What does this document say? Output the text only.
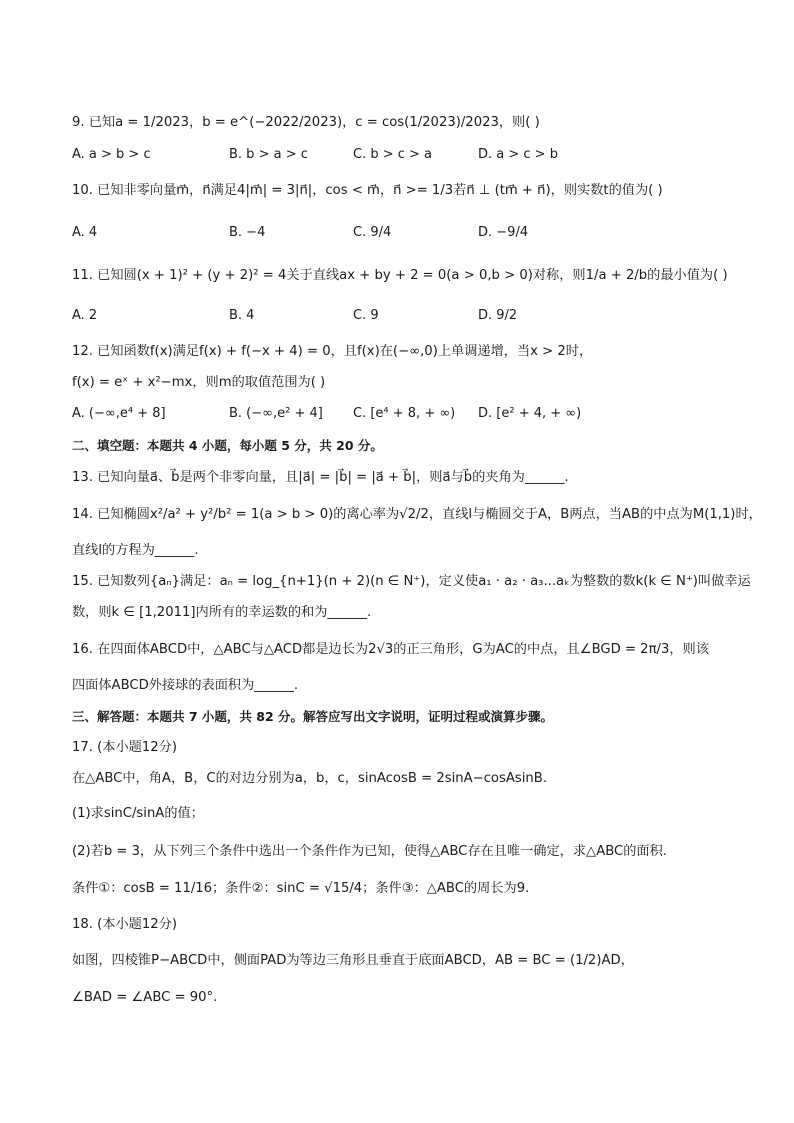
9. 已知a = 1/2023，b = e^(−2022/2023)，c = cos(1/2023)/2023，则( )
A. a > b > c	B. b > a > c	C. b > c > a	D. a > c > b
10. 已知非零向量m⃗，n⃗满足4|m⃗| = 3|n⃗|，cos < m⃗，n⃗ >= 1/3若n⃗ ⊥ (tm⃗ + n⃗)，则实数t的值为( )
A. 4	B. −4	C. 9/4	D. −9/4
11. 已知圆(x + 1)² + (y + 2)² = 4关于直线ax + by + 2 = 0(a > 0,b > 0)对称，则1/a + 2/b的最小值为( )
A. 2	B. 4	C. 9	D. 9/2
12. 已知函数f(x)满足f(x) + f(−x + 4) = 0，且f(x)在(−∞,0)上单调递增，当x > 2时，
f(x) = eˣ + x²−mx，则m的取值范围为( )
A. (−∞,e⁴ + 8]	B. (−∞,e² + 4] C. [e⁴ + 8, + ∞) D. [e² + 4, + ∞)
二、填空题：本题共 4 小题，每小题 5 分，共 20 分。
13. 已知向量a⃗、b⃗是两个非零向量，且|a⃗| = |b⃗| = |a⃗ + b⃗|，则a⃗与b⃗的夹角为______.
14. 已知椭圆x²/a² + y²/b² = 1(a > b > 0)的离心率为√2/2，直线l与椭圆交于A，B两点，当AB的中点为M(1,1)时，
直线l的方程为______.
15. 已知数列{aₙ}满足：aₙ = log_{n+1}(n + 2)(n ∈ N⁺)，定义使a₁ · a₂ · a₃...aₖ为整数的数k(k ∈ N⁺)叫做幸运
数，则k ∈ [1,2011]内所有的幸运数的和为______.
16. 在四面体ABCD中，△ABC与△ACD都是边长为2√3的正三角形，G为AC的中点，且∠BGD = 2π/3，则该
四面体ABCD外接球的表面积为______.
三、解答题：本题共 7 小题，共 82 分。解答应写出文字说明，证明过程或演算步骤。
17. (本小题12分)
在△ABC中，角A，B，C的对边分别为a，b，c，sinAcosB = 2sinA−cosAsinB.
(1)求sinC/sinA的值；
(2)若b = 3，从下列三个条件中选出一个条件作为已知，使得△ABC存在且唯一确定，求△ABC的面积.
条件①：cosB = 11/16；条件②：sinC = √15/4；条件③：△ABC的周长为9.
18. (本小题12分)
如图，四棱锥P−ABCD中，侧面PAD为等边三角形且垂直于底面ABCD，AB = BC = (1/2)AD，
∠BAD = ∠ABC = 90°.
